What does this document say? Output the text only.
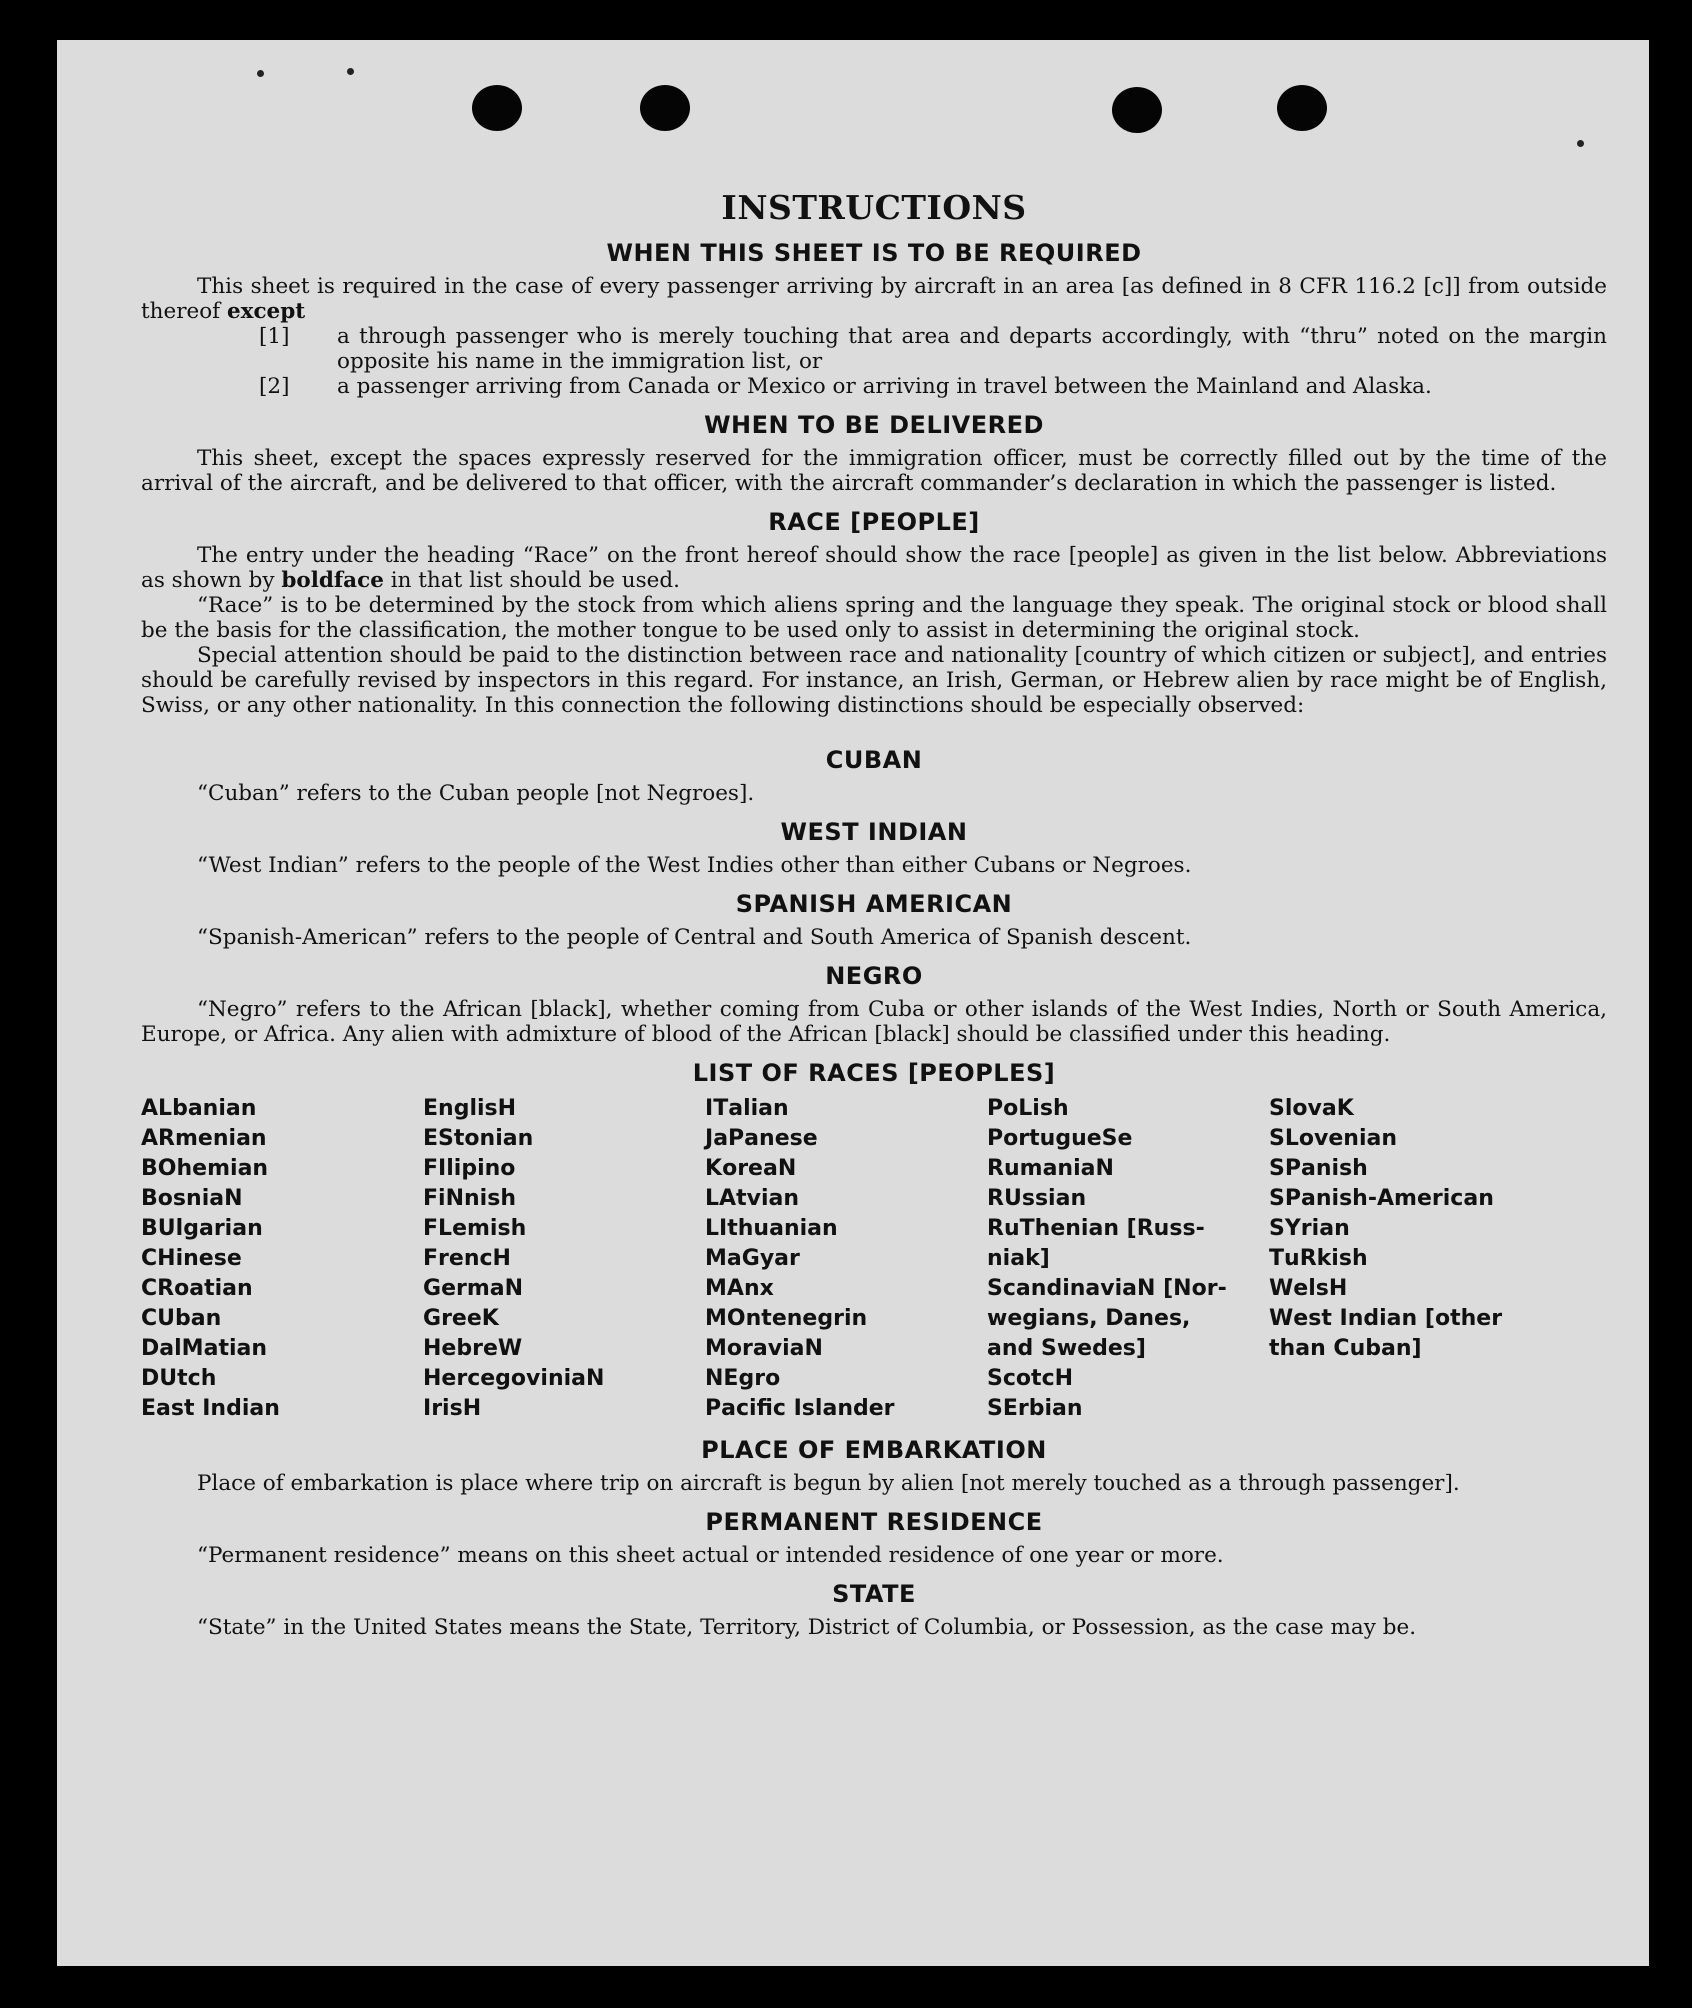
INSTRUCTIONS
WHEN THIS SHEET IS TO BE REQUIRED

This sheet is required in the case of every passenger arriving by aircraft in an area [as defined in 8 CFR 116.2 [c]] from outside thereof except

[1]	a through passenger who is merely touching that area and departs accordingly, with “thru” noted on the margin opposite his name in the immigration list, or
[2]	a passenger arriving from Canada or Mexico or arriving in travel between the Mainland and Alaska.
WHEN TO BE DELIVERED

This sheet, except the spaces expressly reserved for the immigration officer, must be correctly filled out by the time of the arrival of the aircraft, and be delivered to that officer, with the aircraft commander’s declaration in which the passenger is listed.

RACE [PEOPLE]

The entry under the heading “Race” on the front hereof should show the race [people] as given in the list below. Abbreviations as shown by boldface in that list should be used.

“Race” is to be determined by the stock from which aliens spring and the language they speak. The original stock or blood shall be the basis for the classification, the mother tongue to be used only to assist in determining the original stock.

Special attention should be paid to the distinction between race and nationality [country of which citizen or subject], and entries should be carefully revised by inspectors in this regard. For instance, an Irish, German, or Hebrew alien by race might be of English, Swiss, or any other nationality. In this connection the following distinctions should be especially observed:

CUBAN

“Cuban” refers to the Cuban people [not Negroes].

WEST INDIAN

“West Indian” refers to the people of the West Indies other than either Cubans or Negroes.

SPANISH AMERICAN

“Spanish-American” refers to the people of Central and South America of Spanish descent.

NEGRO

“Negro” refers to the African [black], whether coming from Cuba or other islands of the West Indies, North or South America, Europe, or Africa. Any alien with admixture of blood of the African [black] should be classified under this heading.

LIST OF RACES [PEOPLES]
ALbanian
ARmenian
BOhemian
BosniaN
BUlgarian
CHinese
CRoatian
CUban
DalMatian
DUtch
East Indian
EnglisH
EStonian
FIlipino
FiNnish
FLemish
FrencH
GermaN
GreeK
HebreW
HercegoviniaN
IrisH
ITalian
JaPanese
KoreaN
LAtvian
LIthuanian
MaGyar
MAnx
MOntenegrin
MoraviaN
NEgro
Pacifc Islander
PoLish
PortugueSe
RumaniaN
RUssian
RuThenian [Russ-
niak]
ScandinaviaN [Nor-
wegians, Danes,
and Swedes]
ScotcH
SErbian
SlovaK
SLovenian
SPanish
SPanish-American
SYrian
TuRkish
WelsH
West Indian [other
than Cuban]
PLACE OF EMBARKATION

Place of embarkation is place where trip on aircraft is begun by alien [not merely touched as a through passenger].

PERMANENT RESIDENCE

“Permanent residence” means on this sheet actual or intended residence of one year or more.

STATE

“State” in the United States means the State, Territory, District of Columbia, or Possession, as the case may be.
